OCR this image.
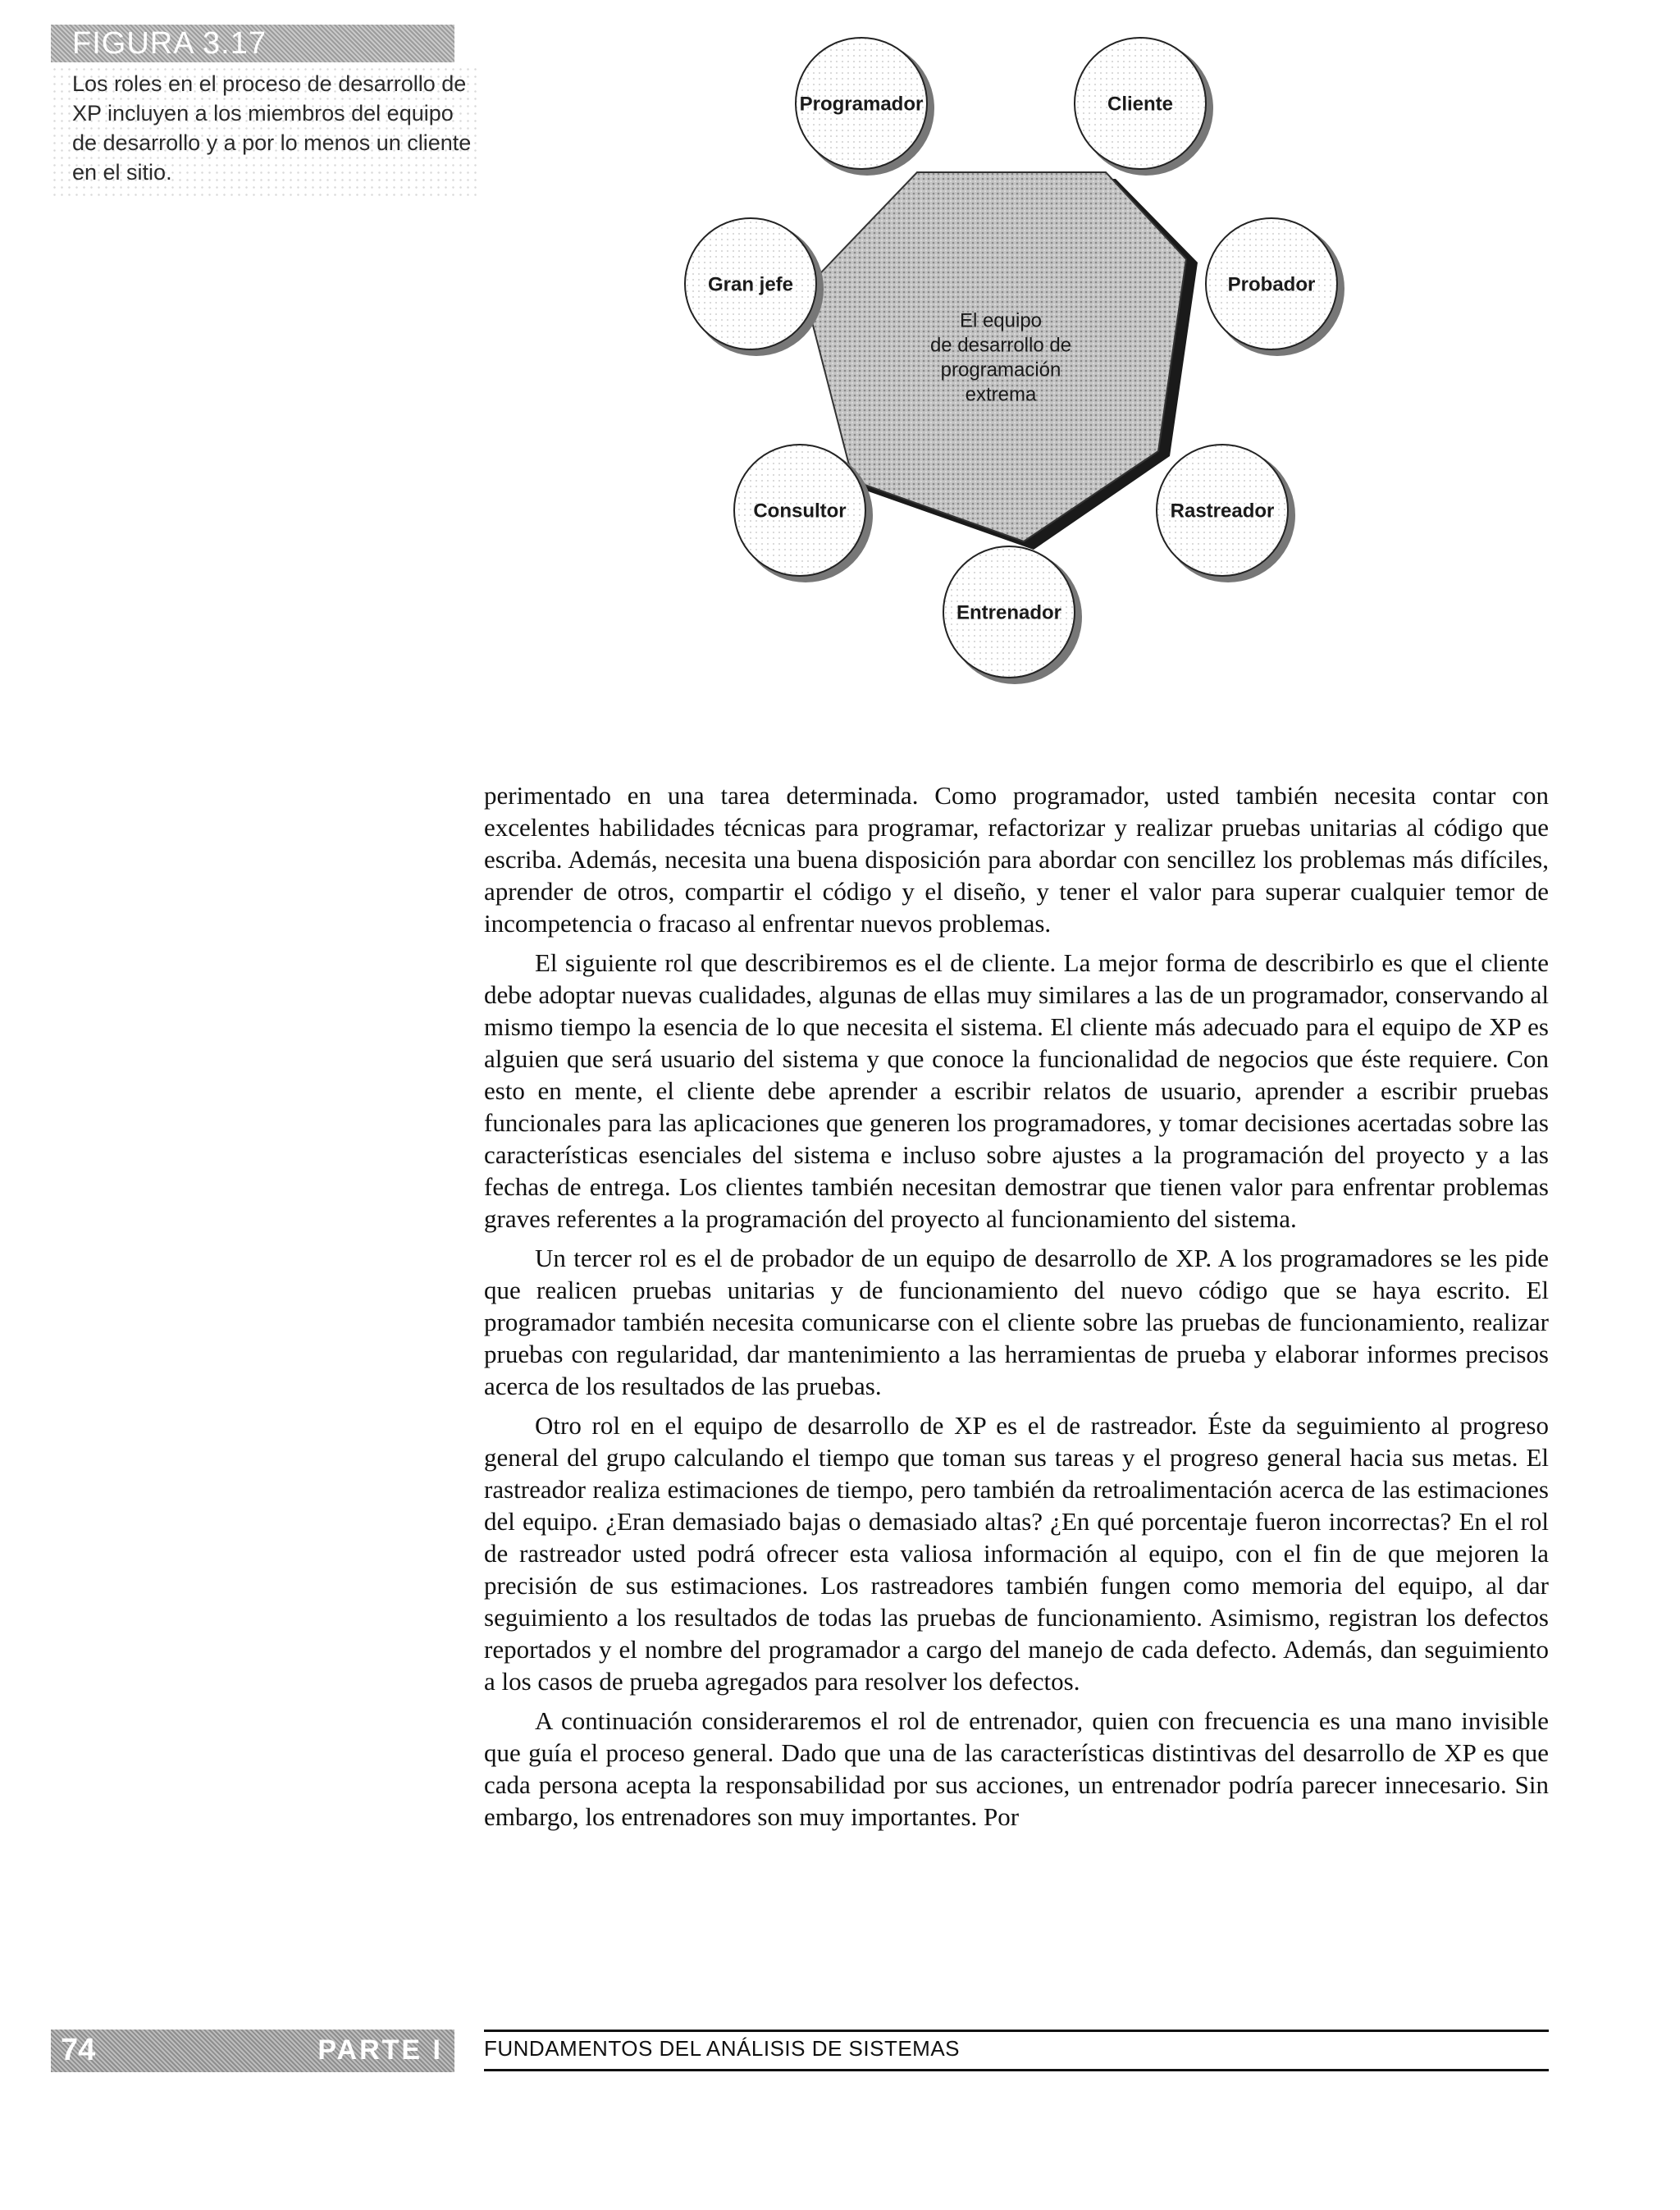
FIGURA 3.17
Los roles en el proceso de desarrollo de XP incluyen a los miembros del equipo de desarrollo y a por lo menos un cliente en el sitio.
El equipo
de desarrollo de
programación
extrema
Programador	Cliente
Gran jefe	Probador
Consultor	Rastreador
Entrenador

perimentado en una tarea determinada. Como programador, usted también necesita contar con excelentes habilidades técnicas para programar, refactorizar y realizar pruebas unitarias al código que escriba. Además, necesita una buena disposición para abordar con sencillez los problemas más difíciles, aprender de otros, compartir el código y el diseño, y tener el valor para superar cualquier temor de incompetencia o fracaso al enfrentar nuevos problemas.

El siguiente rol que describiremos es el de cliente. La mejor forma de describirlo es que el cliente debe adoptar nuevas cualidades, algunas de ellas muy similares a las de un programador, conservando al mismo tiempo la esencia de lo que necesita el sistema. El cliente más adecuado para el equipo de XP es alguien que será usuario del sistema y que conoce la funcionalidad de negocios que éste requiere. Con esto en mente, el cliente debe aprender a escribir relatos de usuario, aprender a escribir pruebas funcionales para las aplicaciones que generen los programadores, y tomar decisiones acertadas sobre las características esenciales del sistema e incluso sobre ajustes a la programación del proyecto y a las fechas de entrega. Los clientes también necesitan demostrar que tienen valor para enfrentar problemas graves referentes a la programación del proyecto al funcionamiento del sistema.

Un tercer rol es el de probador de un equipo de desarrollo de XP. A los programadores se les pide que realicen pruebas unitarias y de funcionamiento del nuevo código que se haya escrito. El programador también necesita comunicarse con el cliente sobre las pruebas de funcionamiento, realizar pruebas con regularidad, dar mantenimiento a las herramientas de prueba y elaborar informes precisos acerca de los resultados de las pruebas.

Otro rol en el equipo de desarrollo de XP es el de rastreador. Éste da seguimiento al progreso general del grupo calculando el tiempo que toman sus tareas y el progreso general hacia sus metas. El rastreador realiza estimaciones de tiempo, pero también da retroalimentación acerca de las estimaciones del equipo. ¿Eran demasiado bajas o demasiado altas? ¿En qué porcentaje fueron incorrectas? En el rol de rastreador usted podrá ofrecer esta valiosa información al equipo, con el fin de que mejoren la precisión de sus estimaciones. Los rastreadores también fungen como memoria del equipo, al dar seguimiento a los resultados de todas las pruebas de funcionamiento. Asimismo, registran los defectos reportados y el nombre del programador a cargo del manejo de cada defecto. Además, dan seguimiento a los casos de prueba agregados para resolver los defectos.

A continuación consideraremos el rol de entrenador, quien con frecuencia es una mano invisible que guía el proceso general. Dado que una de las características distintivas del desarrollo de XP es que cada persona acepta la responsabilidad por sus acciones, un entrenador podría parecer innecesario. Sin embargo, los entrenadores son muy importantes. Por

74	PARTE I FUNDAMENTOS DEL ANÁLISIS DE SISTEMAS
